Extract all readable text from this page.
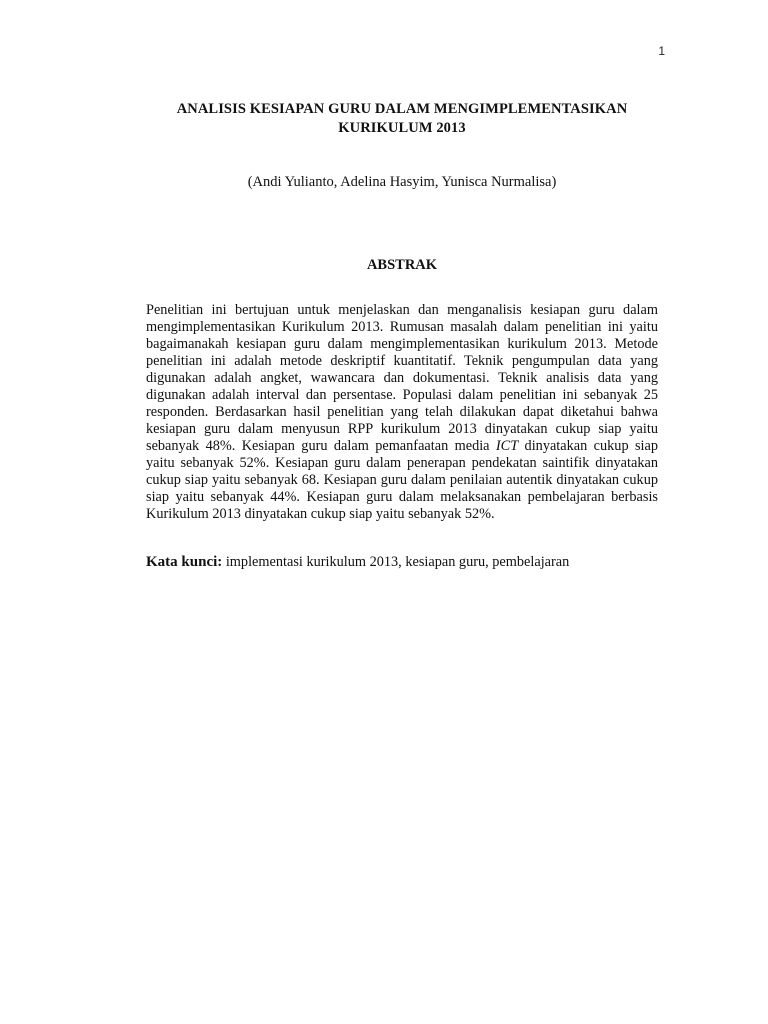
1
ANALISIS KESIAPAN GURU DALAM MENGIMPLEMENTASIKAN
KURIKULUM 2013
(Andi Yulianto, Adelina Hasyim, Yunisca Nurmalisa)
ABSTRAK
Penelitian ini bertujuan untuk menjelaskan dan menganalisis kesiapan guru dalam mengimplementasikan Kurikulum 2013. Rumusan masalah dalam penelitian ini yaitu bagaimanakah kesiapan guru dalam mengimplementasikan kurikulum 2013. Metode penelitian ini adalah metode deskriptif kuantitatif. Teknik pengumpulan data yang digunakan adalah angket, wawancara dan dokumentasi. Teknik analisis data yang digunakan adalah interval dan persentase. Populasi dalam penelitian ini sebanyak 25 responden. Berdasarkan hasil penelitian yang telah dilakukan dapat diketahui bahwa kesiapan guru dalam menyusun RPP kurikulum 2013 dinyatakan cukup siap yaitu sebanyak 48%. Kesiapan guru dalam pemanfaatan media ICT dinyatakan cukup siap yaitu sebanyak 52%. Kesiapan guru dalam penerapan pendekatan saintifik dinyatakan cukup siap yaitu sebanyak 68. Kesiapan guru dalam penilaian autentik dinyatakan cukup siap yaitu sebanyak 44%. Kesiapan guru dalam melaksanakan pembelajaran berbasis Kurikulum 2013 dinyatakan cukup siap yaitu sebanyak 52%.
Kata kunci: implementasi kurikulum 2013, kesiapan guru, pembelajaran
